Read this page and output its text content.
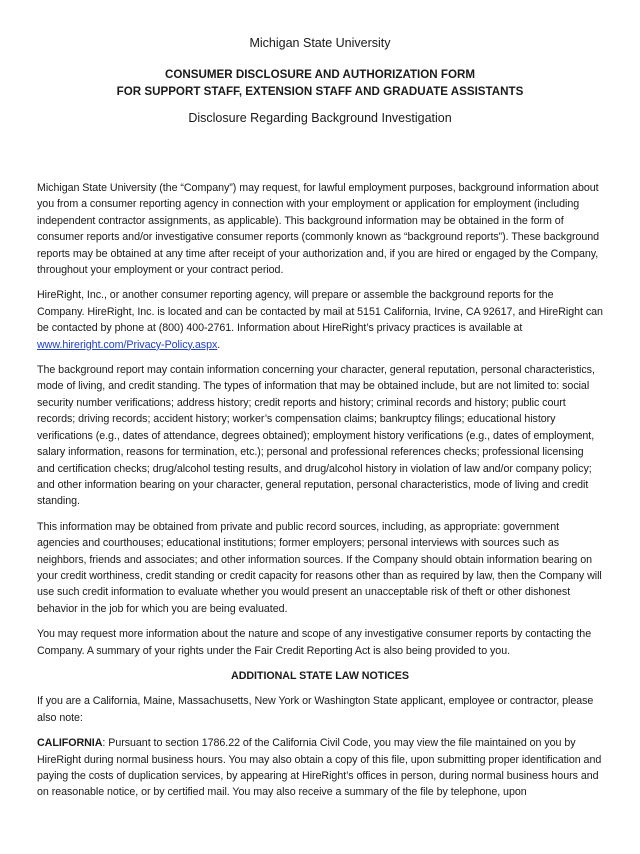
Michigan State University
CONSUMER DISCLOSURE AND AUTHORIZATION FORM
FOR SUPPORT STAFF, EXTENSION STAFF AND GRADUATE ASSISTANTS
Disclosure Regarding Background Investigation

Michigan State University (the “Company”) may request, for lawful employment purposes, background information about you from a consumer reporting agency in connection with your employment or application for employment (including independent contractor assignments, as applicable). This background information may be obtained in the form of consumer reports and/or investigative consumer reports (commonly known as “background reports”). These background reports may be obtained at any time after receipt of your authorization and, if you are hired or engaged by the Company, throughout your employment or your contract period.

HireRight, Inc., or another consumer reporting agency, will prepare or assemble the background reports for the Company. HireRight, Inc. is located and can be contacted by mail at 5151 California, Irvine, CA 92617, and HireRight can be contacted by phone at (800) 400-2761. Information about HireRight’s privacy practices is available at www.hireright.com/Privacy-Policy.aspx.

The background report may contain information concerning your character, general reputation, personal characteristics, mode of living, and credit standing. The types of information that may be obtained include, but are not limited to: social security number verifications; address history; credit reports and history; criminal records and history; public court records; driving records; accident history; worker’s compensation claims; bankruptcy filings; educational history verifications (e.g., dates of attendance, degrees obtained); employment history verifications (e.g., dates of employment, salary information, reasons for termination, etc.); personal and professional references checks; professional licensing and certification checks; drug/alcohol testing results, and drug/alcohol history in violation of law and/or company policy; and other information bearing on your character, general reputation, personal characteristics, mode of living and credit standing.

This information may be obtained from private and public record sources, including, as appropriate: government agencies and courthouses; educational institutions; former employers; personal interviews with sources such as neighbors, friends and associates; and other information sources. If the Company should obtain information bearing on your credit worthiness, credit standing or credit capacity for reasons other than as required by law, then the Company will use such credit information to evaluate whether you would present an unacceptable risk of theft or other dishonest behavior in the job for which you are being evaluated.

You may request more information about the nature and scope of any investigative consumer reports by contacting the Company. A summary of your rights under the Fair Credit Reporting Act is also being provided to you.

ADDITIONAL STATE LAW NOTICES

If you are a California, Maine, Massachusetts, New York or Washington State applicant, employee or contractor, please also note:

CALIFORNIA: Pursuant to section 1786.22 of the California Civil Code, you may view the file maintained on you by HireRight during normal business hours. You may also obtain a copy of this file, upon submitting proper identification and paying the costs of duplication services, by appearing at HireRight’s offices in person, during normal business hours and on reasonable notice, or by certified mail. You may also receive a summary of the file by telephone, upon
